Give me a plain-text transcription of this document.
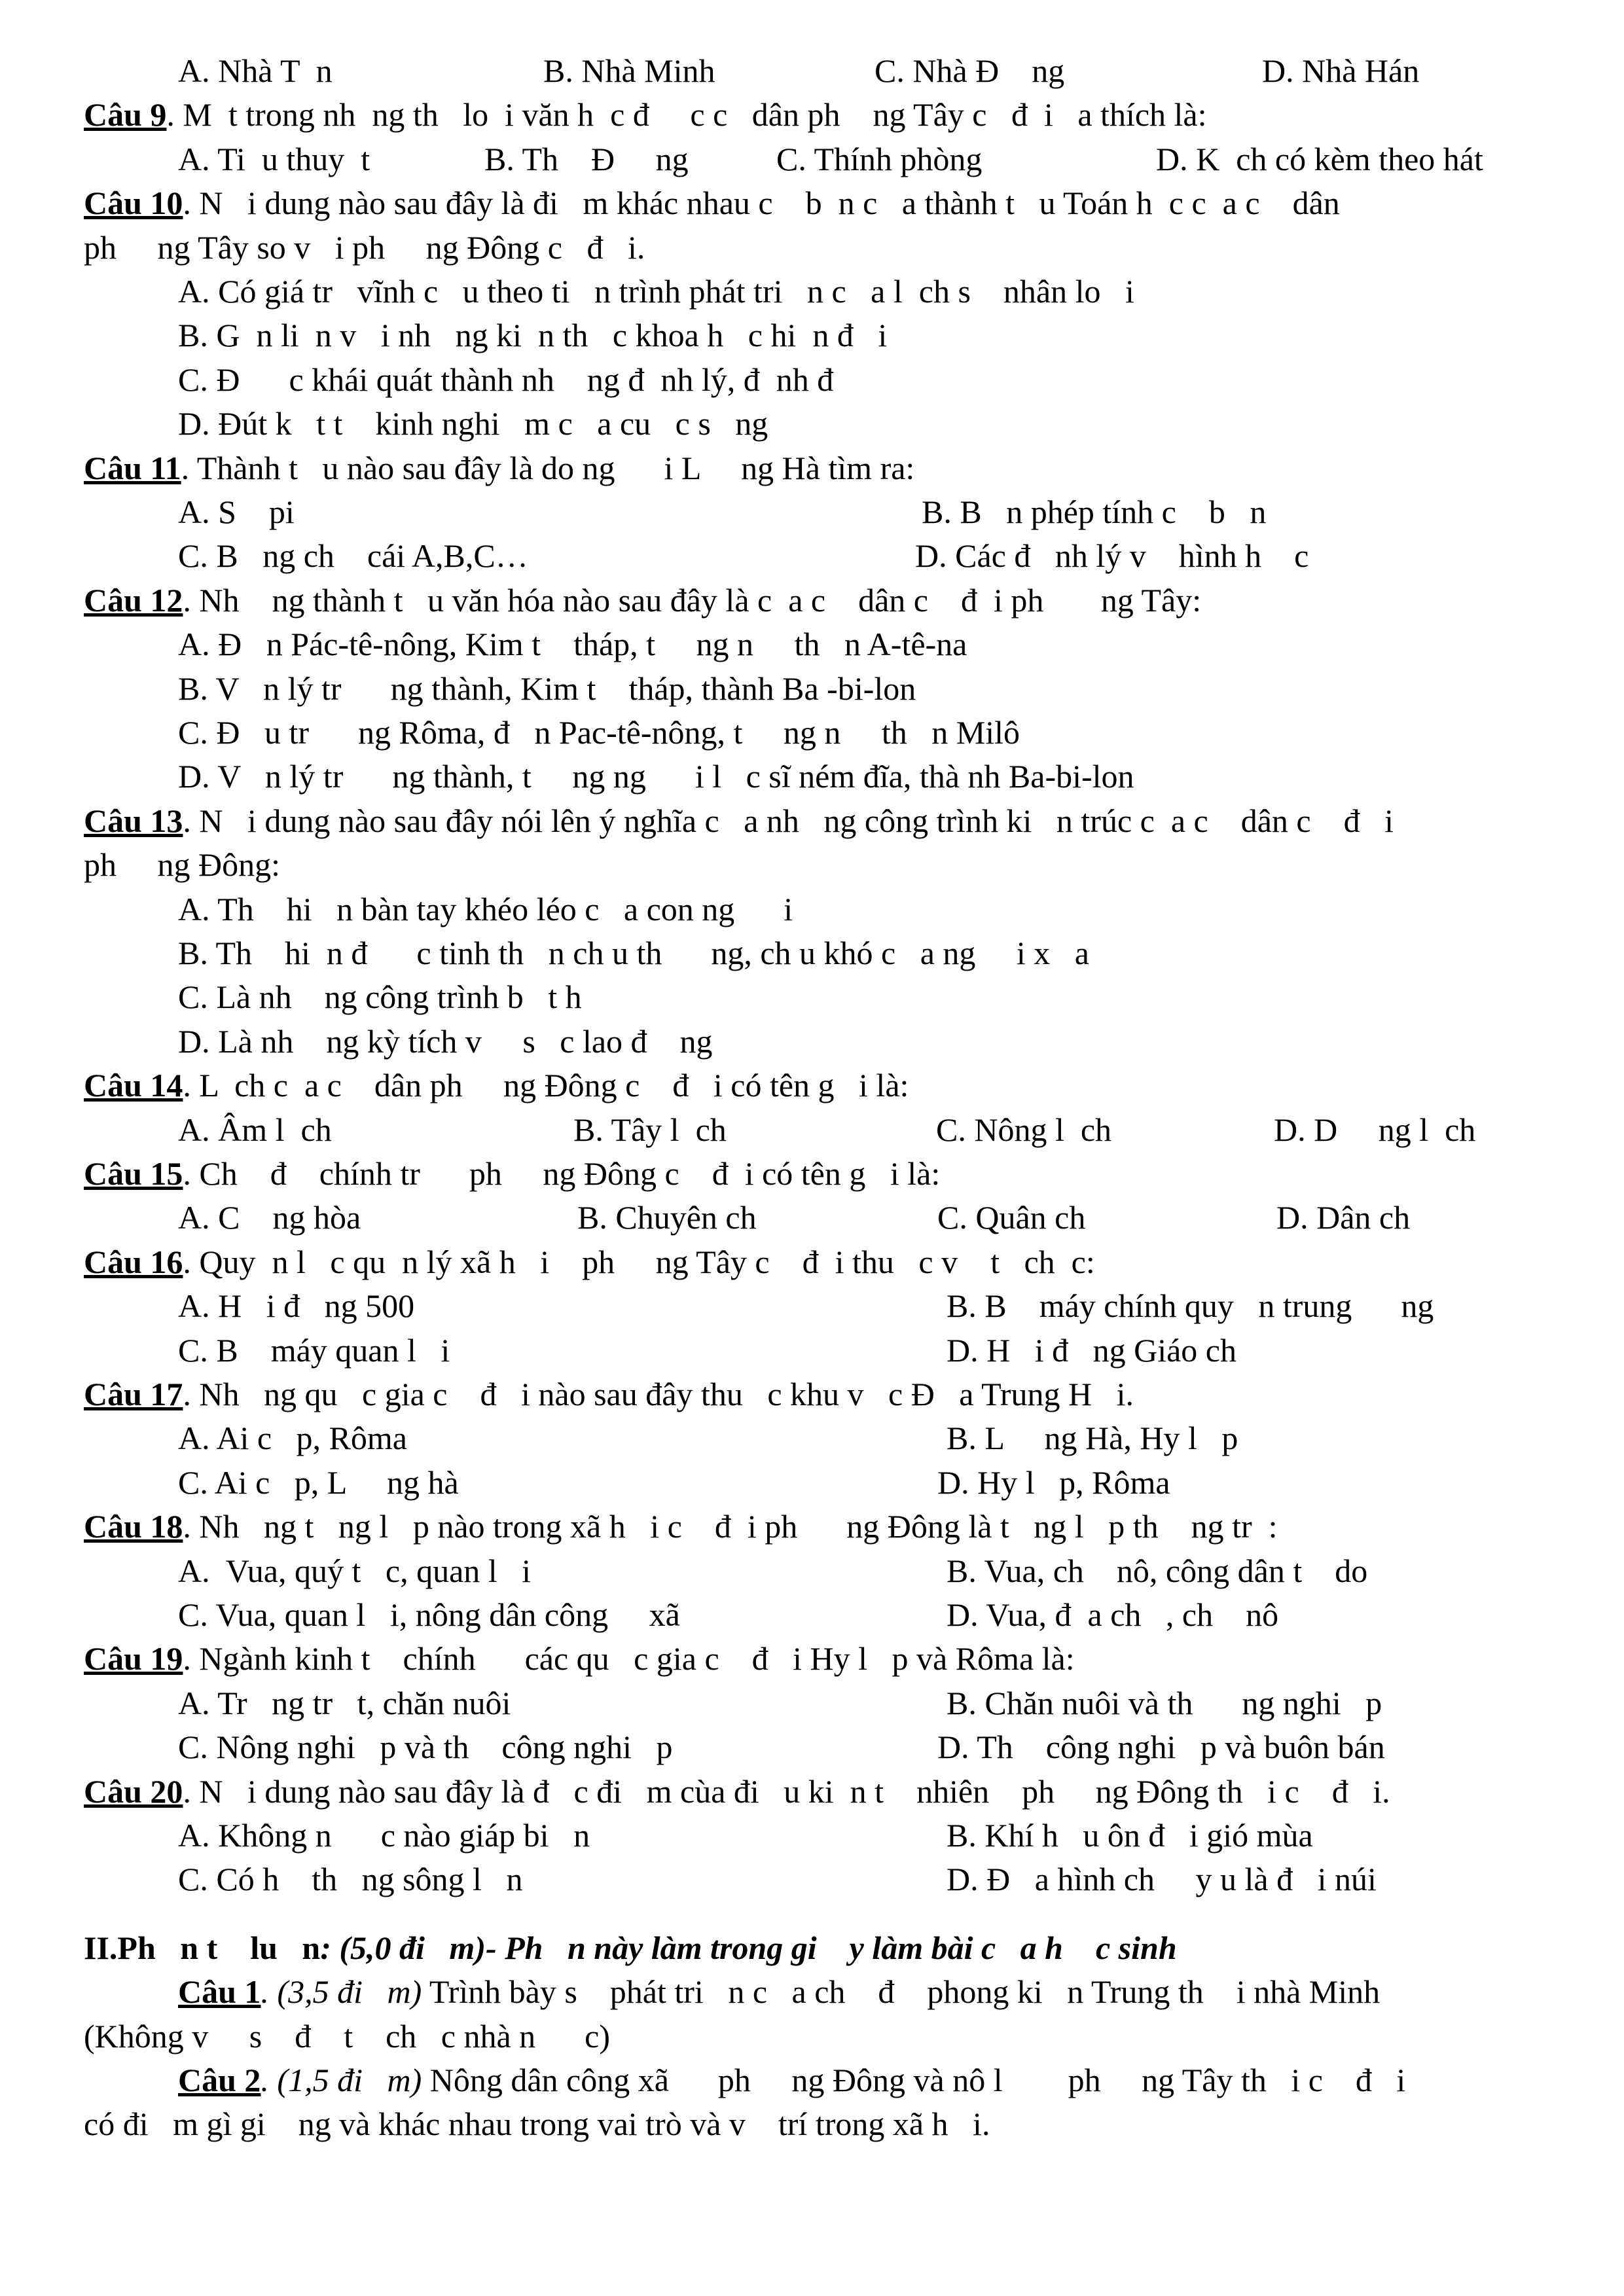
A. Nhà T  n	B. Nhà Minh	C. Nhà Đ    ng	D. Nhà Hán
Câu 9. M  t trong nh  ng th   lo  i văn h  c đ     c c   dân ph    ng Tây c   đ  i   a thích là:
A. Ti  u thuy  t	B. Th    Đ     ng	C. Thính phòng	D. K  ch có kèm theo hát
Câu 10. N   i dung nào sau đây là đi   m khác nhau c    b  n c   a thành t   u Toán h  c c  a c    dân
ph     ng Tây so v   i ph     ng Đông c   đ   i.
A. Có giá tr   vĩnh c   u theo ti   n trình phát tri   n c   a l  ch s    nhân lo   i
B. G  n li  n v   i nh   ng ki  n th   c khoa h   c hi  n đ   i
C. Đ      c khái quát thành nh    ng đ  nh lý, đ  nh đ
D. Đút k   t t    kinh nghi   m c   a cu   c s   ng
Câu 11. Thành t   u nào sau đây là do ng      i L     ng Hà tìm ra:
A. S    pi	B. B   n phép tính c    b   n
C. B   ng ch    cái A,B,C…	D. Các đ   nh lý v    hình h    c
Câu 12. Nh    ng thành t   u văn hóa nào sau đây là c  a c    dân c    đ  i ph       ng Tây:
A. Đ   n Pác-tê-nông, Kim t    tháp, t     ng n     th   n A-tê-na
B. V   n lý tr      ng thành, Kim t    tháp, thành Ba -bi-lon
C. Đ   u tr      ng Rôma, đ   n Pac-tê-nông, t     ng n     th   n Milô
D. V   n lý tr      ng thành, t     ng ng      i l   c sĩ ném đĩa, thà nh Ba-bi-lon
Câu 13. N   i dung nào sau đây nói lên ý nghĩa c   a nh   ng công trình ki   n trúc c  a c    dân c    đ   i
ph     ng Đông:
A. Th    hi   n bàn tay khéo léo c   a con ng      i
B. Th    hi  n đ      c tinh th   n ch u th      ng, ch u khó c   a ng     i x   a
C. Là nh    ng công trình b   t h
D. Là nh    ng kỳ tích v     s   c lao đ    ng
Câu 14. L  ch c  a c    dân ph     ng Đông c    đ   i có tên g   i là:
A. Âm l  ch	B. Tây l  ch	C. Nông l  ch	D. D     ng l  ch
Câu 15. Ch    đ    chính tr      ph     ng Đông c    đ  i có tên g   i là:
A. C    ng hòa	B. Chuyên ch	C. Quân ch	D. Dân ch
Câu 16. Quy  n l   c qu  n lý xã h   i    ph     ng Tây c    đ  i thu   c v    t   ch  c:
A. H   i đ   ng 500	B. B    máy chính quy   n trung      ng
C. B    máy quan l   i	D. H   i đ   ng Giáo ch
Câu 17. Nh   ng qu   c gia c    đ   i nào sau đây thu   c khu v   c Đ   a Trung H   i.
A. Ai c   p, Rôma	B. L     ng Hà, Hy l   p
C. Ai c   p, L     ng hà	D. Hy l   p, Rôma
Câu 18. Nh   ng t   ng l   p nào trong xã h   i c    đ  i ph      ng Đông là t   ng l   p th    ng tr  :
A.  Vua, quý t   c, quan l   i	B. Vua, ch    nô, công dân t    do
C. Vua, quan l   i, nông dân công     xã	D. Vua, đ  a ch   , ch    nô
Câu 19. Ngành kinh t    chính      các qu   c gia c    đ   i Hy l   p và Rôma là:
A. Tr   ng tr   t, chăn nuôi	B. Chăn nuôi và th      ng nghi   p
C. Nông nghi   p và th    công nghi   p	D. Th    công nghi   p và buôn bán
Câu 20. N   i dung nào sau đây là đ   c đi   m cùa đi   u ki  n t    nhiên    ph     ng Đông th   i c    đ   i.
A. Không n      c nào giáp bi   n	B. Khí h   u ôn đ   i gió mùa
C. Có h    th   ng sông l   n	D. Đ   a hình ch     y u là đ   i núi
II.Ph   n t    lu   n: (5,0 đi   m)- Ph   n này làm trong gi    y làm bài c   a h    c sinh
Câu 1. (3,5 đi   m) Trình bày s    phát tri   n c   a ch    đ    phong ki   n Trung th    i nhà Minh
(Không v     s    đ    t    ch   c nhà n      c)
Câu 2. (1,5 đi   m) Nông dân công xã      ph     ng Đông và nô l        ph     ng Tây th   i c    đ   i
có đi   m gì gi    ng và khác nhau trong vai trò và v    trí trong xã h   i.
